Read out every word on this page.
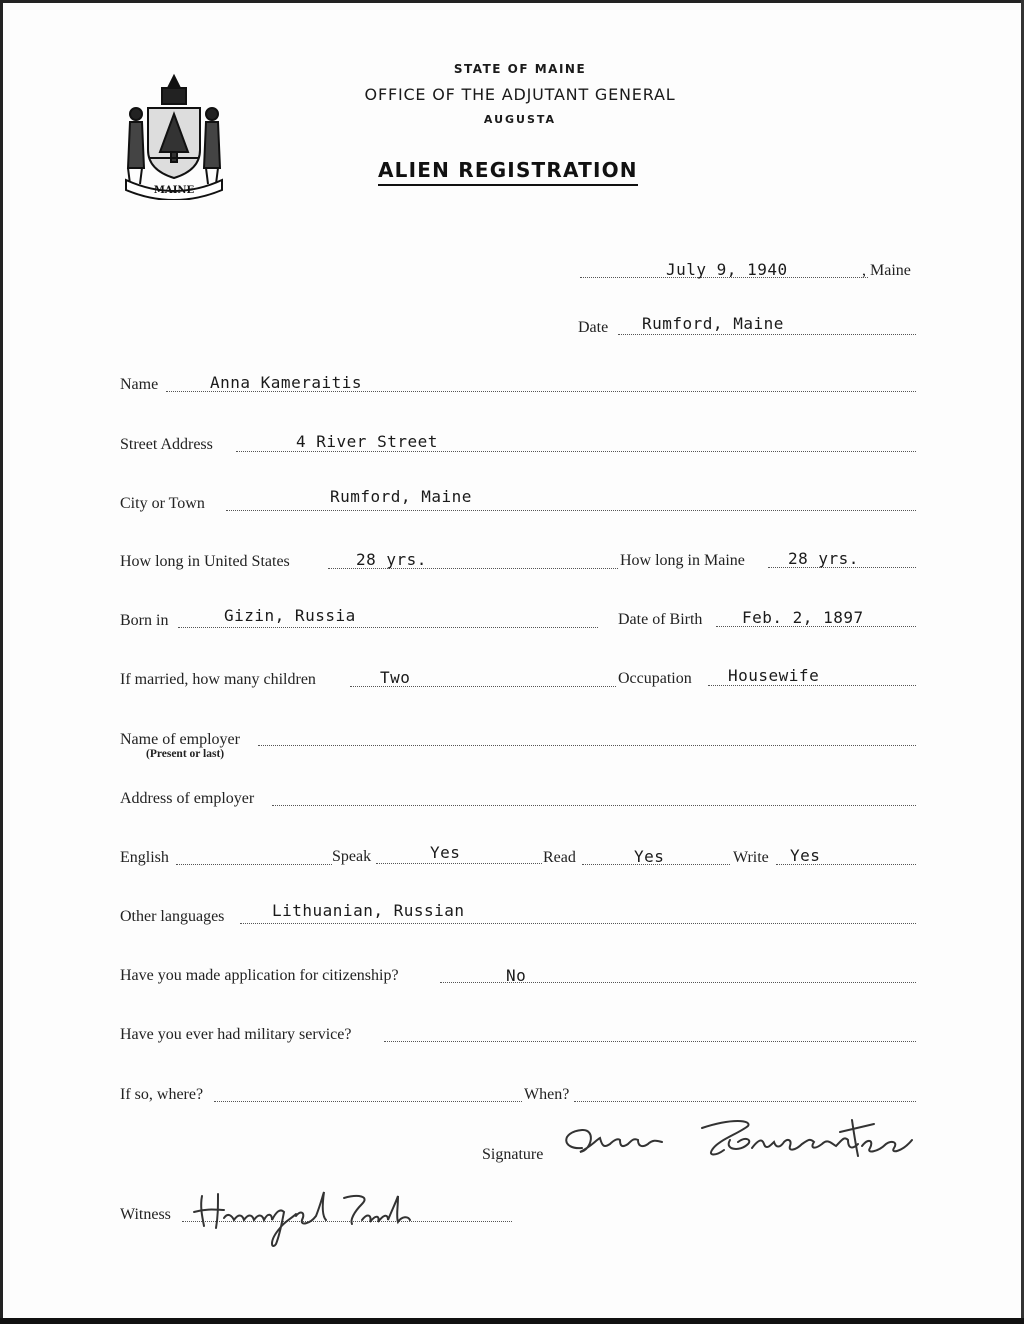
MAINE
STATE OF MAINE
OFFICE OF THE ADJUTANT GENERAL
AUGUSTA
ALIEN REGISTRATION
July 9, 1940	, Maine
Date Rumford, Maine
Name	Anna Kameraitis
Street Address	4 River Street
City or Town	Rumford, Maine
How long in United States	28 yrs.	How long in Maine	28 yrs.
Born in	Gizin, Russia	Date of Birth Feb. 2, 1897
If married, how many children	Two	Occupation Housewife
Name of employer
(Present or last)
Address of employer
English	Speak	Yes	Read	Yes	Write Yes
Other languages	Lithuanian, Russian
Have you made application for citizenship?	No
Have you ever had military service?
If so, where?	When?
Signature
Witness
